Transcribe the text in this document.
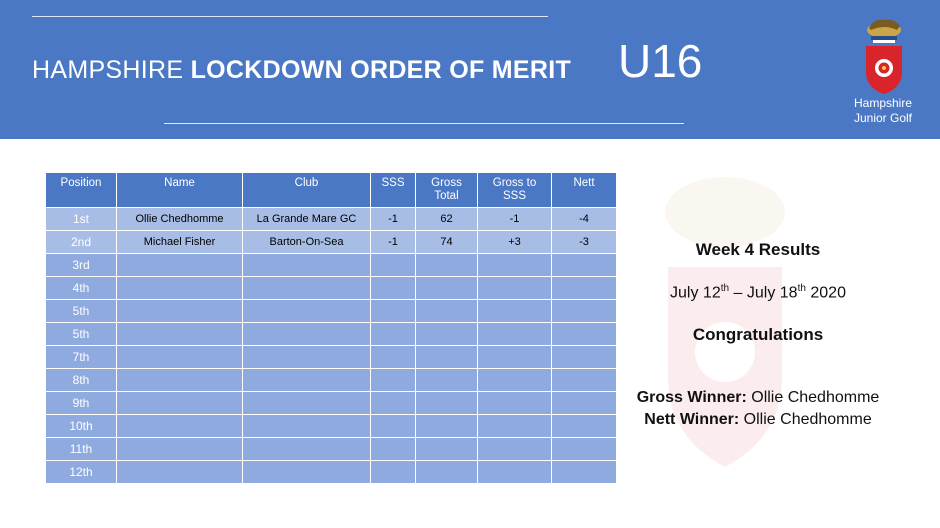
HAMPSHIRE LOCKDOWN ORDER OF MERIT U16
Hampshire
Junior Golf
Position	Name	Club	SSS	Gross Total	Gross to SSS	Nett
1st	Ollie Chedhomme	La Grande Mare GC	-1	62	-1	-4
2nd	Michael Fisher	Barton-On-Sea	-1	74	+3	-3
3rd						
4th						
5th						
5th						
7th						
8th						
9th						
10th						
11th						
12th						
Week 4 Results
July 12th – July 18th 2020
Congratulations
Gross Winner: Ollie Chedhomme
Nett Winner: Ollie Chedhomme
